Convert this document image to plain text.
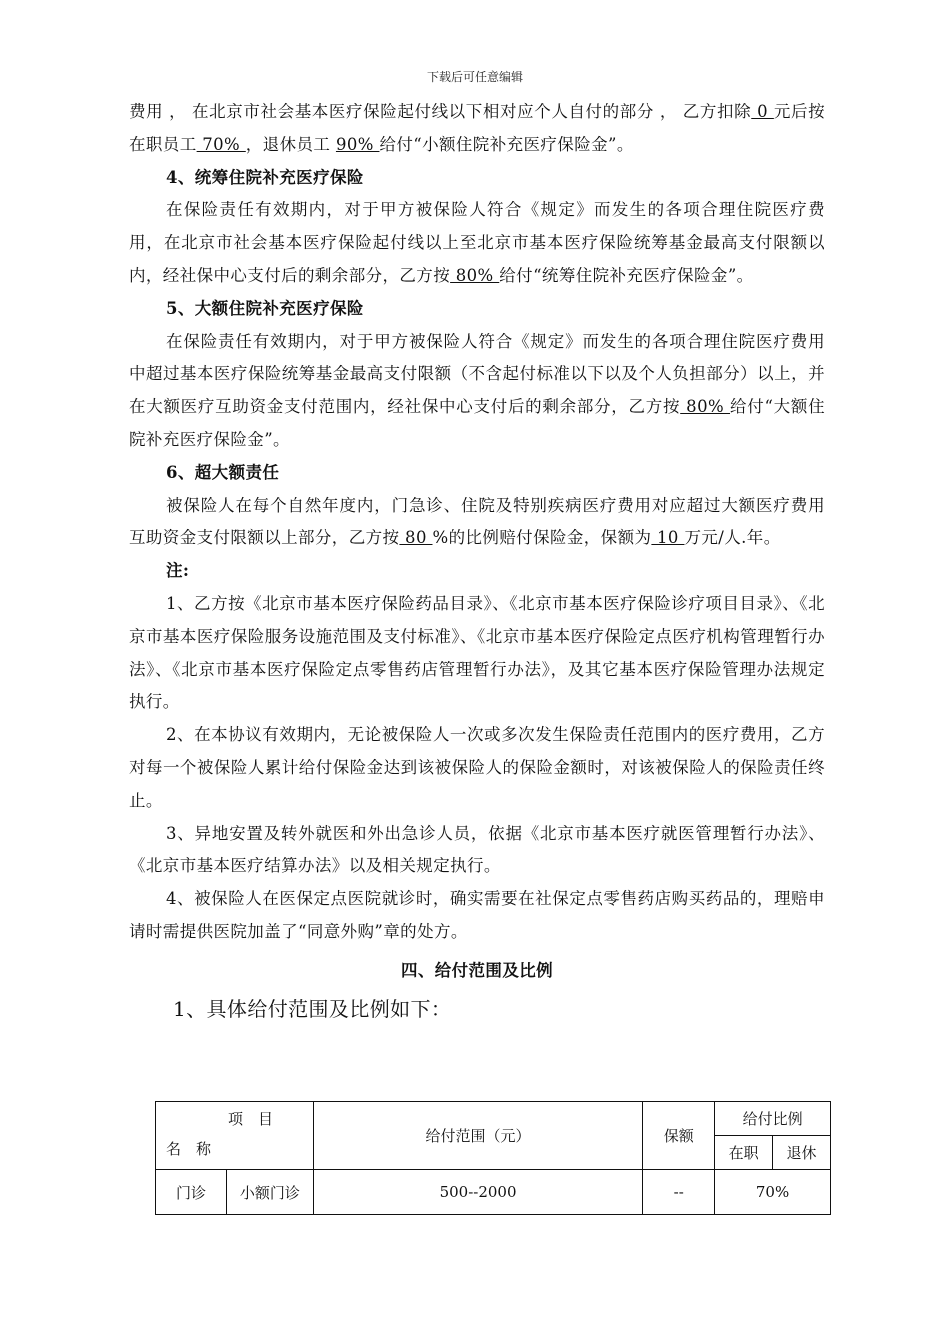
下载后可任意编辑

费用 ， 在北京市社会基本医疗保险起付线以下相对应个人自付的部分 ， 乙方扣除 0 元后按在职员工 70% ，退休员工 90% 给付“小额住院补充医疗保险金”。

4、统筹住院补充医疗保险

在保险责任有效期内，对于甲方被保险人符合《规定》而发生的各项合理住院医疗费用，在北京市社会基本医疗保险起付线以上至北京市基本医疗保险统筹基金最高支付限额以内，经社保中心支付后的剩余部分，乙方按 80% 给付“统筹住院补充医疗保险金”。

5、大额住院补充医疗保险

在保险责任有效期内，对于甲方被保险人符合《规定》而发生的各项合理住院医疗费用中超过基本医疗保险统筹基金最高支付限额（不含起付标准以下以及个人负担部分）以上，并在大额医疗互助资金支付范围内，经社保中心支付后的剩余部分，乙方按 80% 给付“大额住院补充医疗保险金”。

6、超大额责任

被保险人在每个自然年度内，门急诊、住院及特别疾病医疗费用对应超过大额医疗费用互助资金支付限额以上部分，乙方按 80 %的比例赔付保险金，保额为 10 万元/人.年。

注:

1、乙方按《北京市基本医疗保险药品目录》、《北京市基本医疗保险诊疗项目目录》、《北京市基本医疗保险服务设施范围及支付标准》、《北京市基本医疗保险定点医疗机构管理暂行办法》、《北京市基本医疗保险定点零售药店管理暂行办法》，及其它基本医疗保险管理办法规定执行。

2、在本协议有效期内，无论被保险人一次或多次发生保险责任范围内的医疗费用，乙方对每一个被保险人累计给付保险金达到该被保险人的保险金额时，对该被保险人的保险责任终止。

3、异地安置及转外就医和外出急诊人员，依据《北京市基本医疗就医管理暂行办法》、《北京市基本医疗结算办法》以及相关规定执行。

4、被保险人在医保定点医院就诊时，确实需要在社保定点零售药店购买药品的，理赔申请时需提供医院加盖了“同意外购”章的处方。

四、给付范围及比例

1、具体给付范围及比例如下：

项　目
名　称	给付范围（元）	保额	给付比例	
			在职	退休

门诊 小额门诊	500--2000	--	70%	
